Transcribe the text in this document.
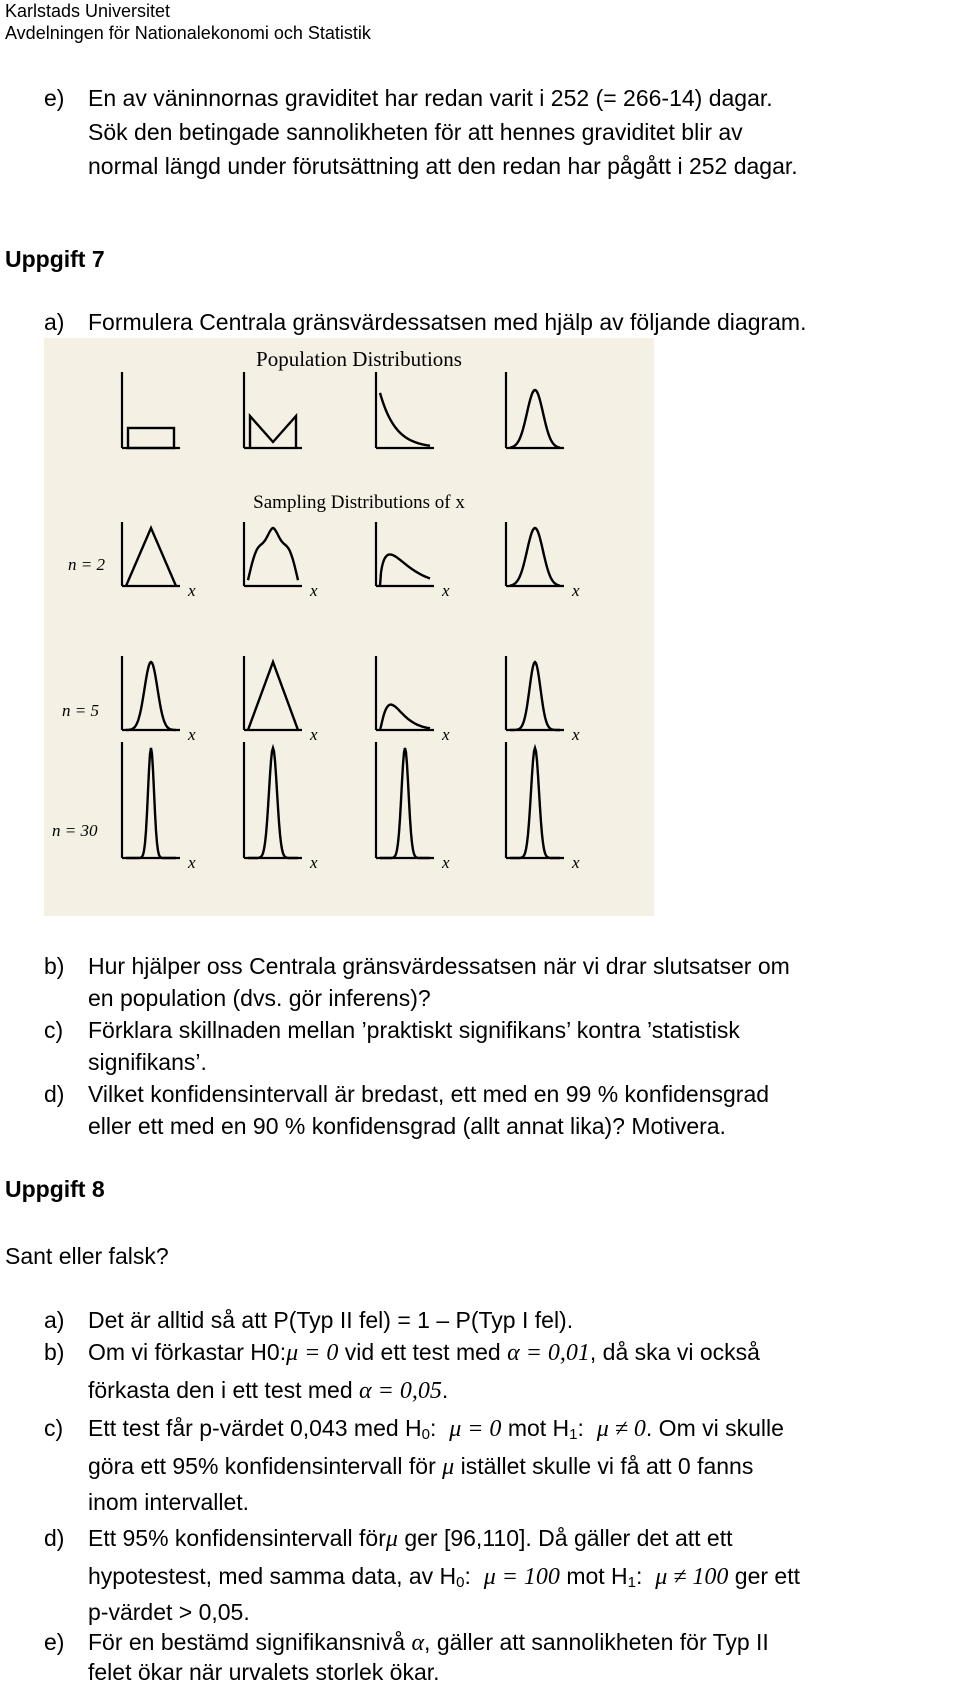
Karlstads Universitet
Avdelningen för Nationalekonomi och Statistik
e) En av väninnornas graviditet har redan varit i 252 (= 266-14) dagar.
Sök den betingade sannolikheten för att hennes graviditet blir av
normal längd under förutsättning att den redan har pågått i 252 dagar.
Uppgift 7
a) Formulera Centrala gränsvärdessatsen med hjälp av följande diagram.
Population Distributions
Sampling Distributions of x
n = 2
n = 5
n = 30
x	x	x	x
x	x	x	x
x	x	x	x
b) Hur hjälper oss Centrala gränsvärdessatsen när vi drar slutsatser om
en population (dvs. gör inferens)?
c) Förklara skillnaden mellan ’praktiskt signifikans’ kontra ’statistisk
signifikans’.
d) Vilket konfidensintervall är bredast, ett med en 99 % konfidensgrad
eller ett med en 90 % konfidensgrad (allt annat lika)? Motivera.
Uppgift 8
Sant eller falsk?
a) Det är alltid så att P(Typ II fel) = 1 – P(Typ I fel).
b) Om vi förkastar H0:μ = 0 vid ett test med α = 0,01, då ska vi också
förkasta den i ett test med α = 0,05.
c) Ett test får p-värdet 0,043 med $H_0$: μ = 0 mot $H_1$: μ ≠ 0. Om vi skulle
göra ett 95% konfidensintervall för μ istället skulle vi få att 0 fanns
inom intervallet.
d) Ett 95% konfidensintervall förμ ger [96,110]. Då gäller det att ett
hypotestest, med samma data, av $H_0$: μ = 100 mot $H_1$: μ ≠ 100 ger ett
p-värdet > 0,05.
e) För en bestämd signifikansnivå α, gäller att sannolikheten för Typ II
felet ökar när urvalets storlek ökar.
